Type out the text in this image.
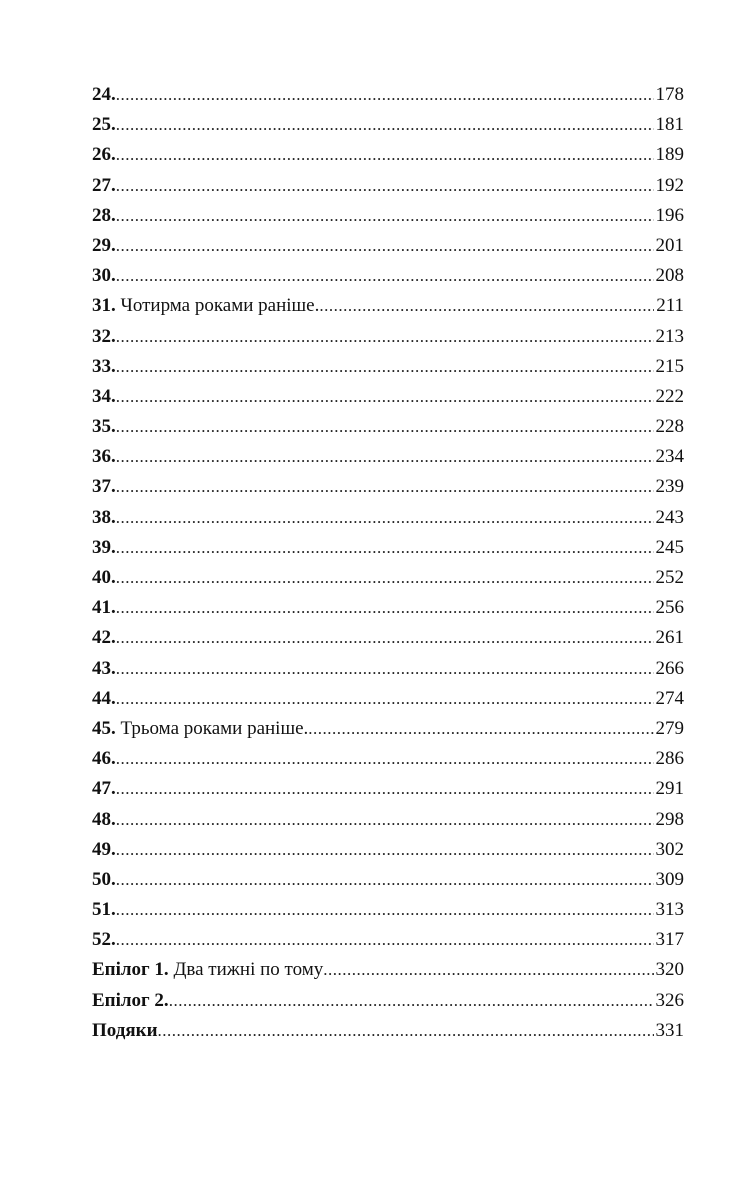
24. .....	178
25. .....	181
26. .....	189
27. .....	192
28. .....	196
29. .....	201
30. .....	208
31. Чотирма роками раніше. .....	211
32. .....	213
33. .....	215
34. .....	222
35. .....	228
36. .....	234
37. .....	239
38. .....	243
39. .....	245
40. .....	252
41. .....	256
42. .....	261
43. .....	266
44. .....	274
45. Трьома роками раніше. .....	279
46. .....	286
47. .....	291
48. .....	298
49. .....	302
50. .....	309
51. .....	313
52. .....	317
Епілог 1. Два тижні по тому .....	320
Епілог 2. .....	326
Подяки .....	331
